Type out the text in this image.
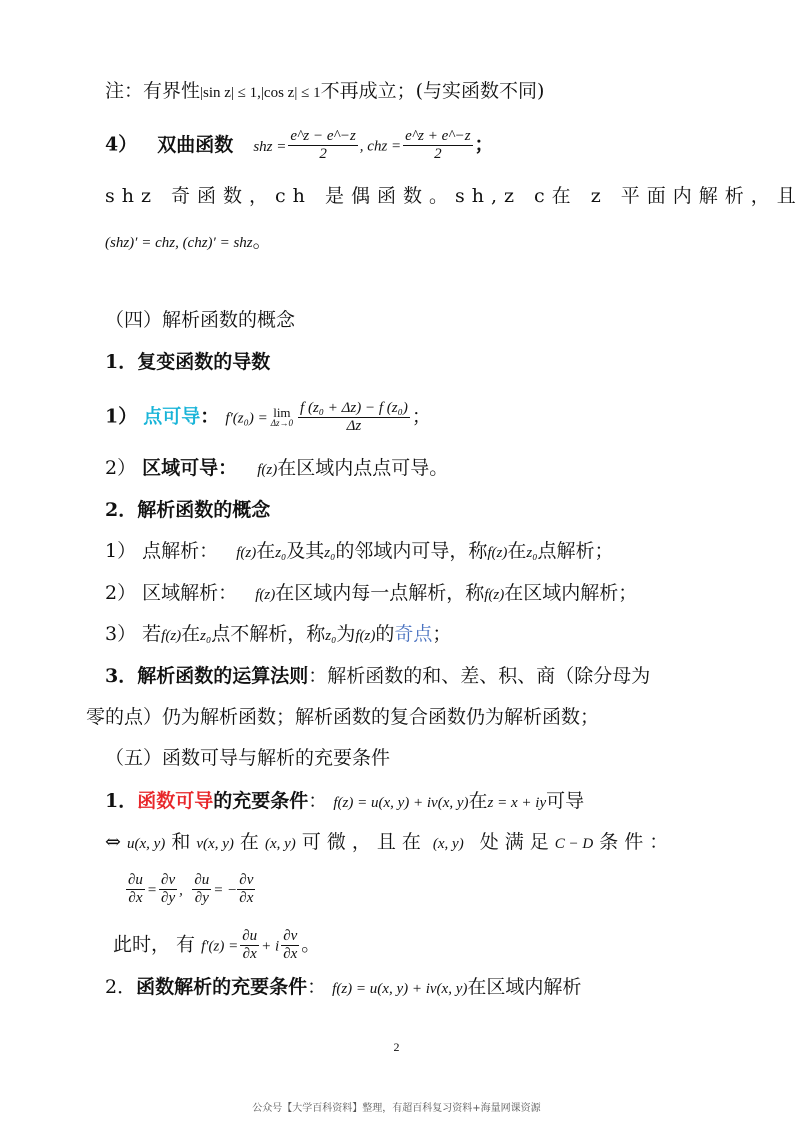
注：有界性|sin z| ≤ 1,|cos z| ≤ 1不再成立；(与实函数不同)
4） 双曲函数 shz = $\frac{e\^{}z - e\^{}-z}{2}$ , chz = $\frac{e\^{}z + e\^{}-z}{2}$ ；
shz 奇函数，ch 是偶函数。sh,z c在 z 平面内解析，且
(shz)′ = chz, (chz)′ = shz。
（四）解析函数的概念
1．复变函数的导数
1） 点可导： f′(z₀) = lim
$\Delta z\to 0 \frac{\text{f (z₀ + Δz) − f (z₀)}}{\Delta z}$ ；
2） 区域可导： f(z)在区域内点点可导。
2．解析函数的概念
1） 点解析： f(z)在z₀及其z₀的邻域内可导，称f(z)在z₀点解析；
2） 区域解析： f(z)在区域内每一点解析，称f(z)在区域内解析；
3） 若f(z)在z₀点不解析，称z₀为f(z)的奇点；
3．解析函数的运算法则：解析函数的和、差、积、商（除分母为
零的点）仍为解析函数；解析函数的复合函数仍为解析函数；
（五）函数可导与解析的充要条件
1．函数可导的充要条件： f(z) = u(x, y) + iv(x, y)在z = x + iy可导
⇔ u(x, y) 和 v(x, y) 在 (x, y) 可微，且在 (x, y) 处满足C − D 条件：
$\frac{\partial u}{\partial x} = \frac{\partial v}{\partial y}$ , $\frac{\partial u}{\partial y}$ = − $\frac{\partial v}{\partial x}$
此时， 有 $f'(z) = \frac{\partial u}{\partial x} + i \frac{\partial v}{\partial x}$ 。
2．函数解析的充要条件： f(z) = u(x, y) + iv(x, y)在区域内解析
2
公众号【大学百科资料】整理，有超百科复习资料+海量网课资源
